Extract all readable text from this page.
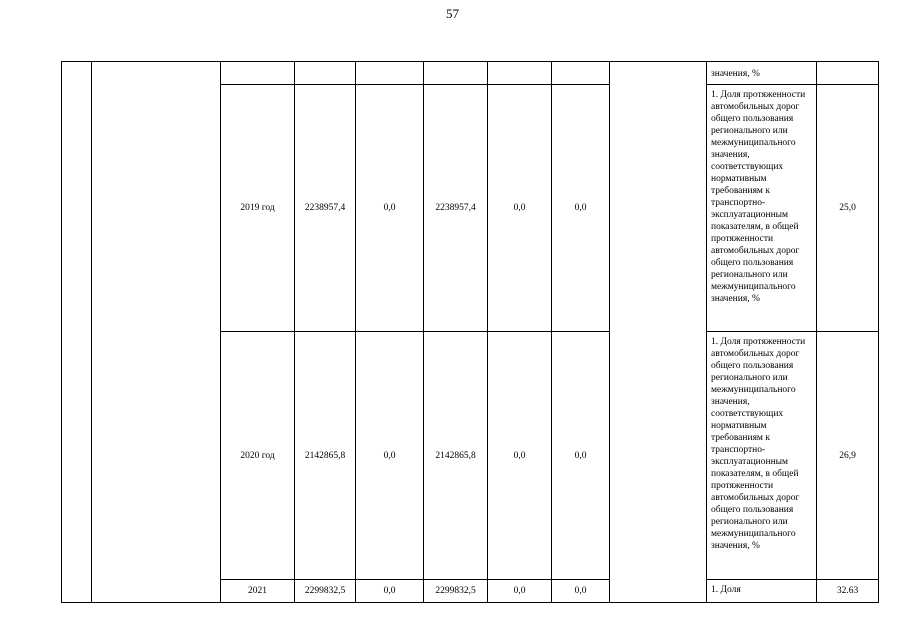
57
									значения, %	
		2019 год	2238957,4	0,0	2238957,4	0,0	0,0		1. Доля протяженности автомобильных дорог общего пользования регионального или межмуниципального значения, соответствующих нормативным требованиям к транспортно-эксплуатационным показателям, в общей протяженности автомобильных дорог общего пользования регионального или межмуниципального значения, %	25,0
		2020 год	2142865,8	0,0	2142865,8	0,0	0,0		1. Доля протяженности автомобильных дорог общего пользования регионального или межмуниципального значения, соответствующих нормативным требованиям к транспортно-эксплуатационным показателям, в общей протяженности автомобильных дорог общего пользования регионального или межмуниципального значения, %	26,9
		2021	2299832,5	0,0	2299832,5	0,0	0,0		1. Доля	32.63
